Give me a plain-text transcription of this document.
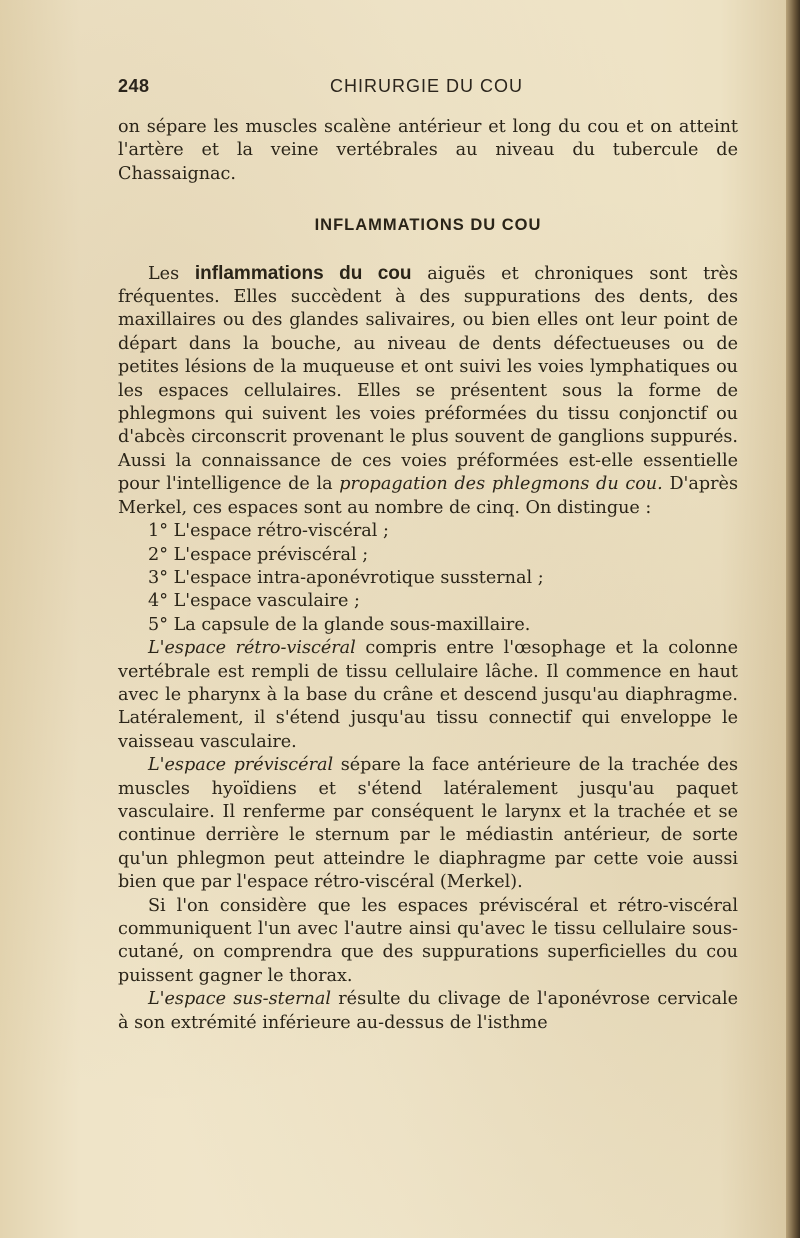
248	CHIRURGIE DU COU

on sépare les muscles scalène antérieur et long du cou et on atteint l'artère et la veine vertébrales au niveau du tubercule de Chassaignac.

INFLAMMATIONS DU COU

Les inflammations du cou aiguës et chroniques sont très fréquentes. Elles succèdent à des suppurations des dents, des maxillaires ou des glandes salivaires, ou bien elles ont leur point de départ dans la bouche, au niveau de dents défectueuses ou de petites lésions de la muqueuse et ont suivi les voies lymphatiques ou les espaces cellulaires. Elles se présentent sous la forme de phlegmons qui suivent les voies préformées du tissu conjonctif ou d'abcès circonscrit provenant le plus souvent de ganglions suppurés. Aussi la connaissance de ces voies préformées est-elle essentielle pour l'intelligence de la propagation des phlegmons du cou. D'après Merkel, ces espaces sont au nombre de cinq. On distingue :

1° L'espace rétro-viscéral ;
2° L'espace préviscéral ;
3° L'espace intra-aponévrotique sussternal ;
4° L'espace vasculaire ;
5° La capsule de la glande sous-maxillaire.

L'espace rétro-viscéral compris entre l'œsophage et la colonne vertébrale est rempli de tissu cellulaire lâche. Il commence en haut avec le pharynx à la base du crâne et descend jusqu'au diaphragme. Latéralement, il s'étend jusqu'au tissu connectif qui enveloppe le vaisseau vasculaire.

L'espace préviscéral sépare la face antérieure de la trachée des muscles hyoïdiens et s'étend latéralement jusqu'au paquet vasculaire. Il renferme par conséquent le larynx et la trachée et se continue derrière le sternum par le médiastin antérieur, de sorte qu'un phlegmon peut atteindre le diaphragme par cette voie aussi bien que par l'espace rétro-viscéral (Merkel).

Si l'on considère que les espaces préviscéral et rétro-viscéral communiquent l'un avec l'autre ainsi qu'avec le tissu cellulaire sous-cutané, on comprendra que des suppurations superficielles du cou puissent gagner le thorax.

L'espace sus-sternal résulte du clivage de l'aponévrose cervicale à son extrémité inférieure au-dessus de l'isthme
